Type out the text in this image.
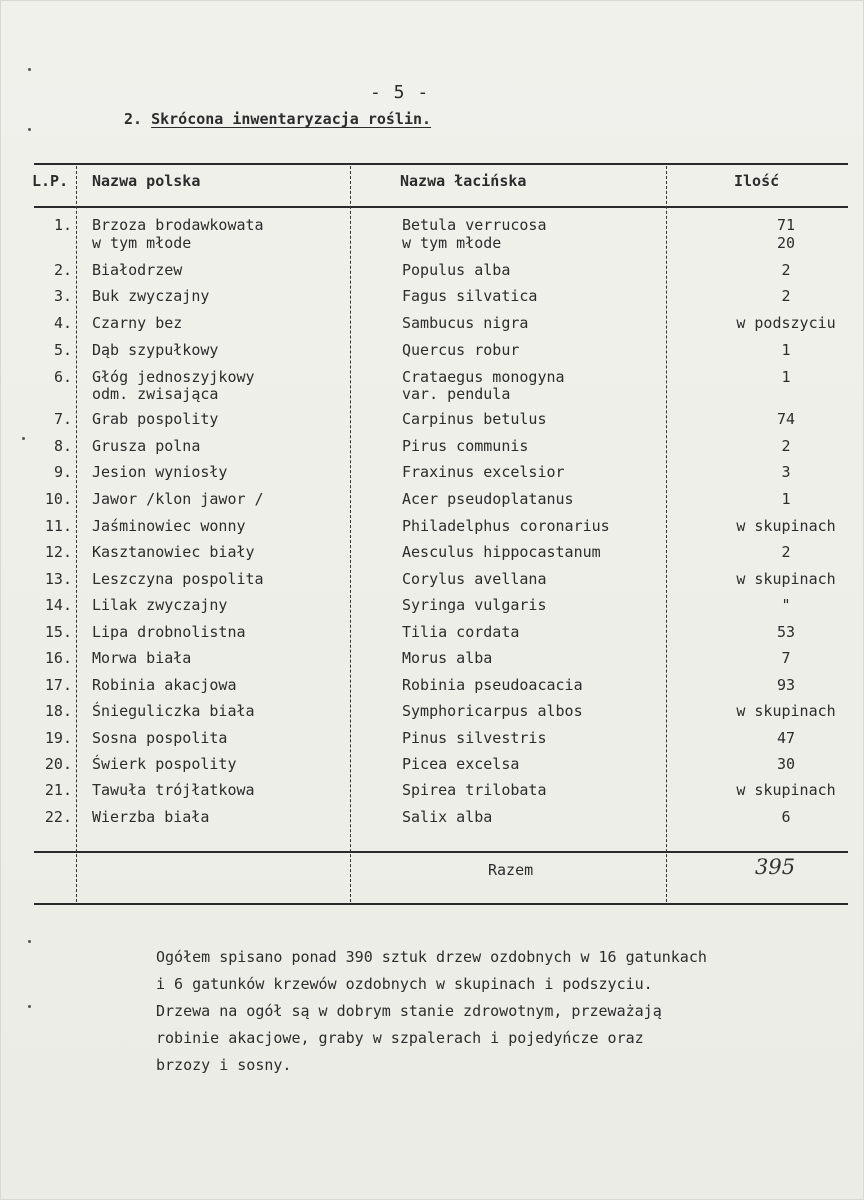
- 5 -
2. Skrócona inwentaryzacja roślin.
L.P. Nazwa polska	Nazwa łacińska	Ilość
1. Brzoza brodawkowata	Betula verrucosa	71
w tym młode	w tym młode	20
2. Białodrzew	Populus alba	2
3. Buk zwyczajny	Fagus silvatica	2
4. Czarny bez	Sambucus nigra	w podszyciu
5. Dąb szypułkowy	Quercus robur	1
6. Głóg jednoszyjkowy	Crataegus monogyna	1
odm. zwisająca	var. pendula
7. Grab pospolity	Carpinus betulus	74
8. Grusza polna	Pirus communis	2
9. Jesion wyniosły	Fraxinus excelsior	3
10. Jawor /klon jawor /	Acer pseudoplatanus	1
11. Jaśminowiec wonny	Philadelphus coronarius	w skupinach
12. Kasztanowiec biały	Aesculus hippocastanum	2
13. Leszczyna pospolita	Corylus avellana	w skupinach
14. Lilak zwyczajny	Syringa vulgaris	"
15. Lipa drobnolistna	Tilia cordata	53
16. Morwa biała	Morus alba	7
17. Robinia akacjowa	Robinia pseudoacacia	93
18. Śnieguliczka biała	Symphoricarpus albos	w skupinach
19. Sosna pospolita	Pinus silvestris	47
20. Świerk pospolity	Picea excelsa	30
21. Tawuła trójłatkowa	Spirea trilobata	w skupinach
22. Wierzba biała	Salix alba	6
Razem	395

Ogółem spisano ponad 390 sztuk drzew ozdobnych w 16 gatunkach

i 6 gatunków krzewów ozdobnych w skupinach i podszyciu.

Drzewa na ogół są w dobrym stanie zdrowotnym, przeważają

robinie akacjowe, graby w szpalerach i pojedyńcze oraz

brzozy i sosny.
